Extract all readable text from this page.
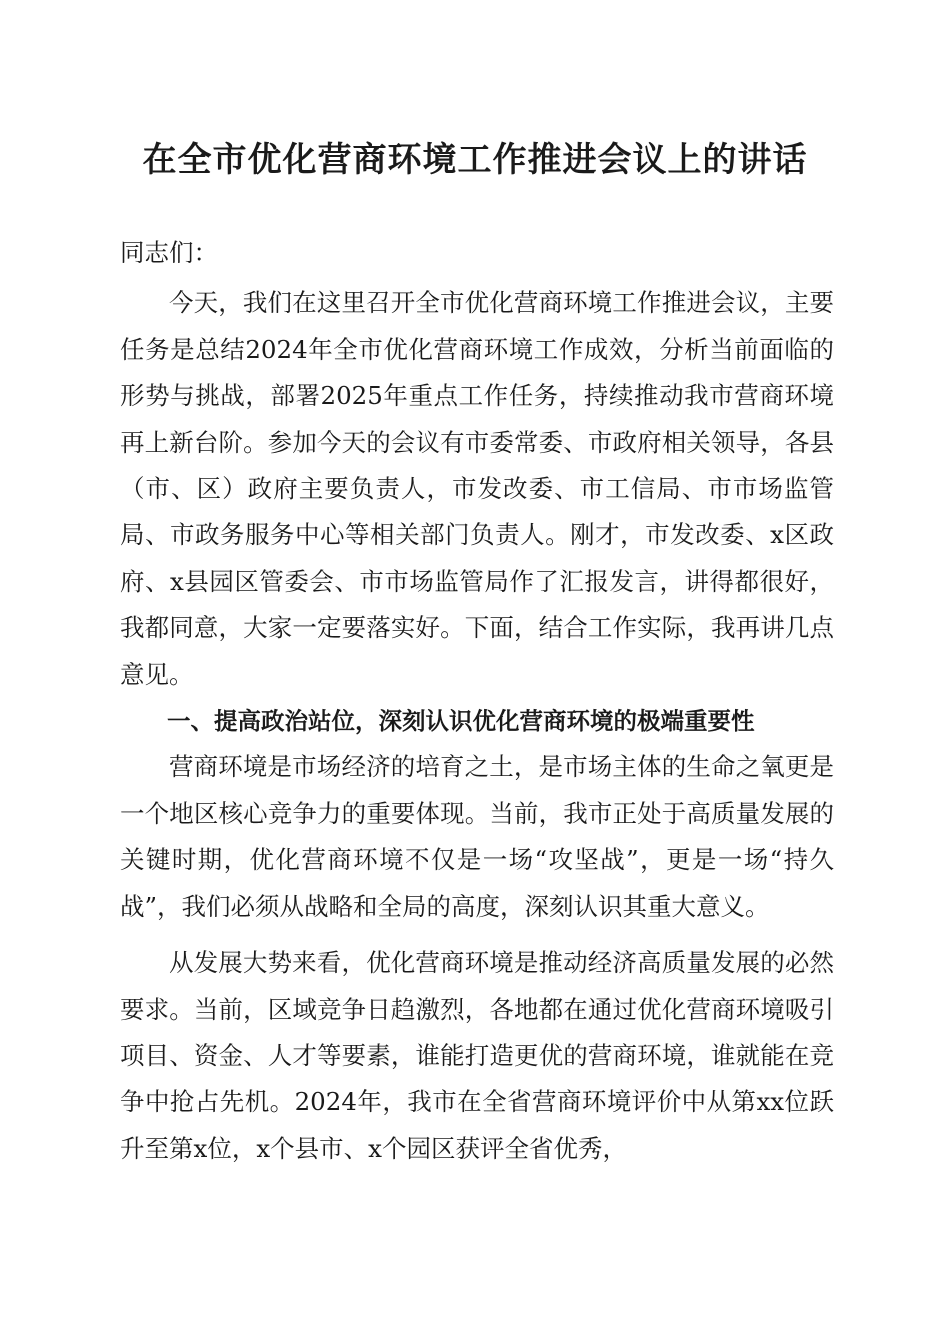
在全市优化营商环境工作推进会议上的讲话

同志们：

今天，我们在这里召开全市优化营商环境工作推进会议，主要任务是总结2024年全市优化营商环境工作成效，分析当前面临的形势与挑战，部署2025年重点工作任务，持续推动我市营商环境再上新台阶。参加今天的会议有市委常委、市政府相关领导，各县（市、区）政府主要负责人，市发改委、市工信局、市市场监管局、市政务服务中心等相关部门负责人。刚才，市发改委、x区政府、x县园区管委会、市市场监管局作了汇报发言，讲得都很好，我都同意，大家一定要落实好。下面，结合工作实际，我再讲几点意见。

一、提高政治站位，深刻认识优化营商环境的极端重要性

营商环境是市场经济的培育之土，是市场主体的生命之氧更是一个地区核心竞争力的重要体现。当前，我市正处于高质量发展的关键时期，优化营商环境不仅是一场“攻坚战”，更是一场“持久战”，我们必须从战略和全局的高度，深刻认识其重大意义。

从发展大势来看，优化营商环境是推动经济高质量发展的必然要求。当前，区域竞争日趋激烈，各地都在通过优化营商环境吸引项目、资金、人才等要素，谁能打造更优的营商环境，谁就能在竞争中抢占先机。2024年，我市在全省营商环境评价中从第xx位跃升至第x位，x个县市、x个园区获评全省优秀，
